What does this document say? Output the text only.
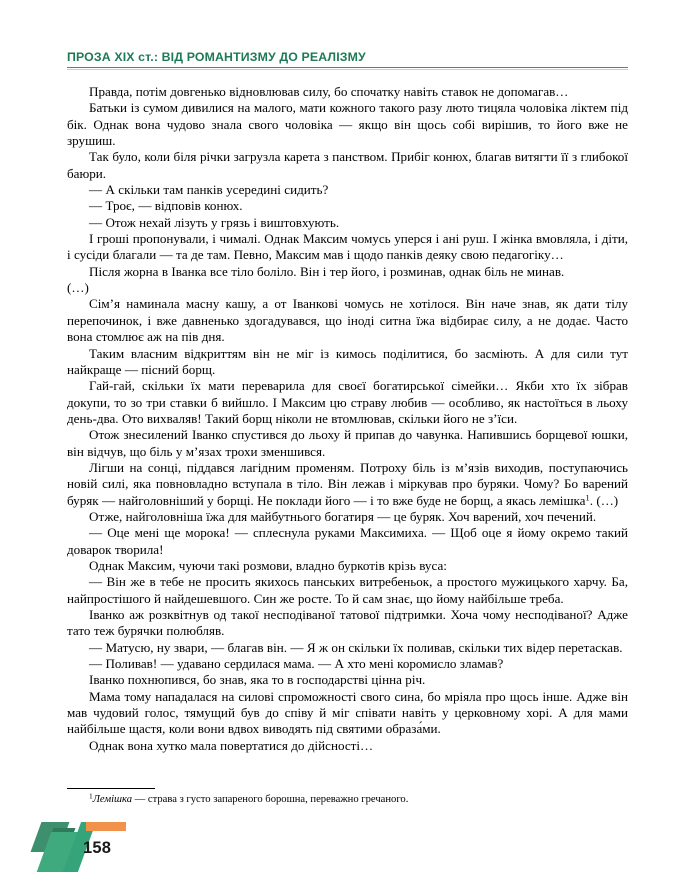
ПРОЗА XIX ст.: ВІД РОМАНТИЗМУ ДО РЕАЛІЗМУ

Правда, потім довгенько відновлював силу, бо спочатку навіть ставок не допомагав…

Батьки із сумом дивилися на малого, мати кожного такого разу люто тицяла чоловіка ліктем під бік. Однак вона чудово знала свого чоловіка — якщо він щось собі вирішив, то його вже не зрушиш.

Так було, коли біля річки загрузла карета з панством. Прибіг конюх, благав витягти її з глибокої баюри.

— А скільки там панків усередині сидить?

— Троє, — відповів конюх.

— Отож нехай лізуть у грязь і виштовхують.

І гроші пропонували, і чималі. Однак Максим чомусь уперся і ані руш. І жінка вмовляла, і діти, і сусіди благали — та де там. Певно, Максим мав і щодо панків деяку свою педагогіку…

Після жорна в Іванка все тіло боліло. Він і тер його, і розминав, однак біль не минав.

(…)

Сім’я наминала масну кашу, а от Іванкові чомусь не хотілося. Він наче знав, як дати тілу перепочинок, і вже давненько здогадувався, що іноді ситна їжа відбирає силу, а не додає. Часто вона стомлює аж на пів дня.

Таким власним відкриттям він не міг із кимось поділитися, бо засміють. А для сили тут найкраще — пісний борщ.

Гай-гай, скільки їх мати переварила для своєї богатирської сімейки… Якби хто їх зібрав докупи, то зо три ставки б вийшло. І Максим цю страву любив — особливо, як настоїться в льоху день-два. Ото вихваляв! Такий борщ ніколи не втомлював, скільки його не з’їси.

Отож знесилений Іванко спустився до льоху й припав до чавунка. Напившись борщевої юшки, він відчув, що біль у м’язах трохи зменшився.

Лігши на сонці, піддався лагідним променям. Потроху біль із м’язів виходив, поступаючись новій силі, яка повновладно вступала в тіло. Він лежав і міркував про буряки. Чому? Бо варений буряк — найголовніший у борщі. Не поклади його — і то вже буде не борщ, а якась лемішка$^1$. (…)

Отже, найголовніша їжа для майбутнього богатиря — це буряк. Хоч варений, хоч печений.

— Оце мені ще морока! — сплеснула руками Максимиха. — Щоб оце я йому окремо такий доварок творила!

Однак Максим, чуючи такі розмови, владно буркотів крізь вуса:

— Він же в тебе не просить якихось панських витребеньок, а простого мужицького харчу. Ба, найпростішого й найдешевшого. Син же росте. То й сам знає, що йому найбільше треба.

Іванко аж розквітнув од такої несподіваної татової підтримки. Хоча чому несподіваної? Адже тато теж бурячки полюбляв.

— Матусю, ну звари, — благав він. — Я ж он скільки їх поливав, скільки тих відер перетаскав.

— Поливав! — удавано сердилася мама. — А хто мені коромисло зламав?

Іванко похнюпився, бо знав, яка то в господарстві цінна річ.

Мама тому нападалася на силові спроможності свого сина, бо мріяла про щось інше. Адже він мав чудовий голос, тямущий був до співу й міг співати навіть у церковному хорі. А для мами найбільше щастя, коли вони вдвох виводять під святими образа́ми.

Однак вона хутко мала повертатися до дійсності…

$^1$Лемішка — страва з густо запареного борошна, переважно гречаного.
158
